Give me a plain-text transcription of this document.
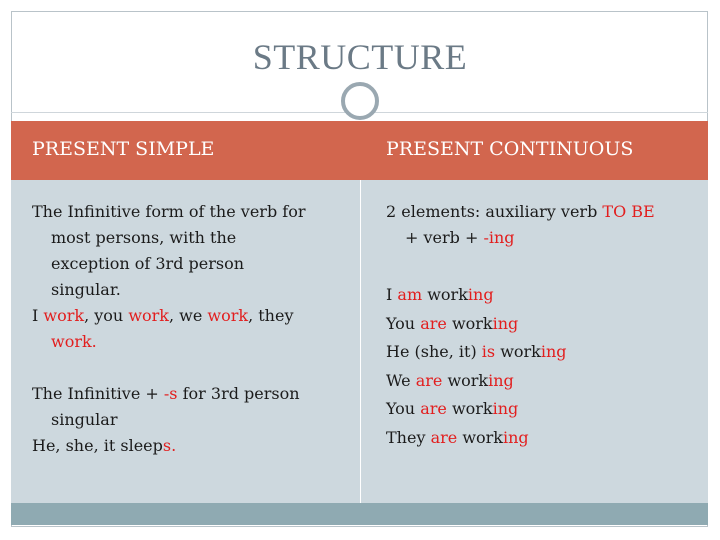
STRUCTURE
PRESENT SIMPLE	PRESENT CONTINUOUS
The Infinitive form of the verb for
most persons, with the
exception of 3rd person
singular.
I work, you work, we work, they
work.
The Infinitive + -s for 3rd person
singular
He, she, it sleeps.
2 elements: auxiliary verb TO BE
+ verb + -ing
I am working
You are working
He (she, it) is working
We are working
You are working
They are working
